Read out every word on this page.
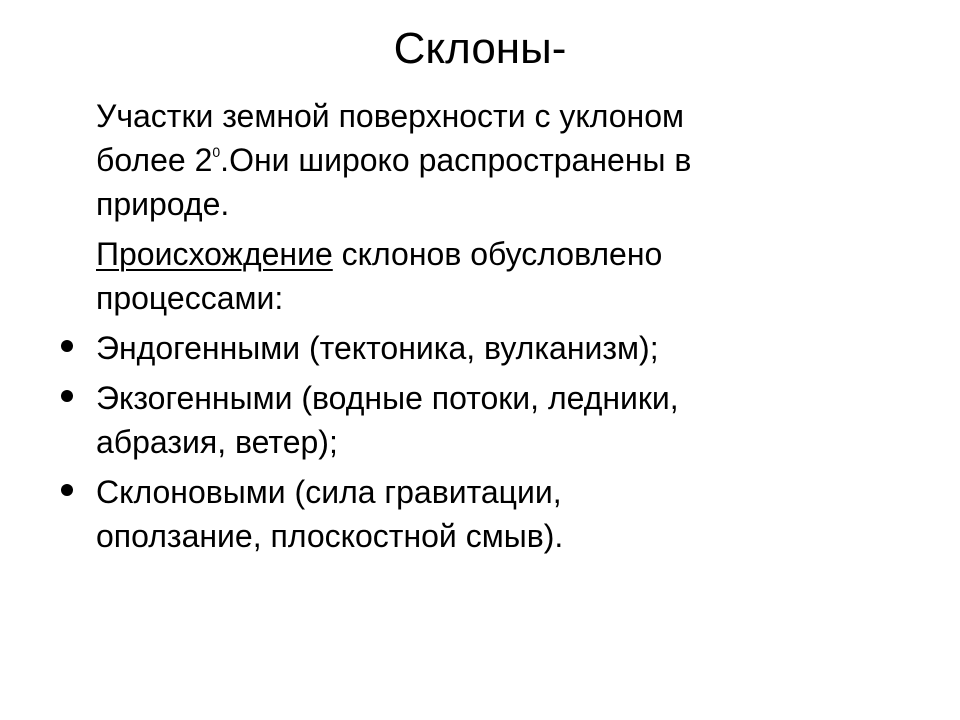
Склоны-

Участки земной поверхности с уклоном
более $2^0.Они$ широко распространены в
природе.

Происхождение склонов обусловлено
процессами:

Эндогенными (тектоника, вулканизм);
Экзогенными (водные потоки, ледники,
абразия, ветер);
Склоновыми (сила гравитации,
оползание, плоскостной смыв).
